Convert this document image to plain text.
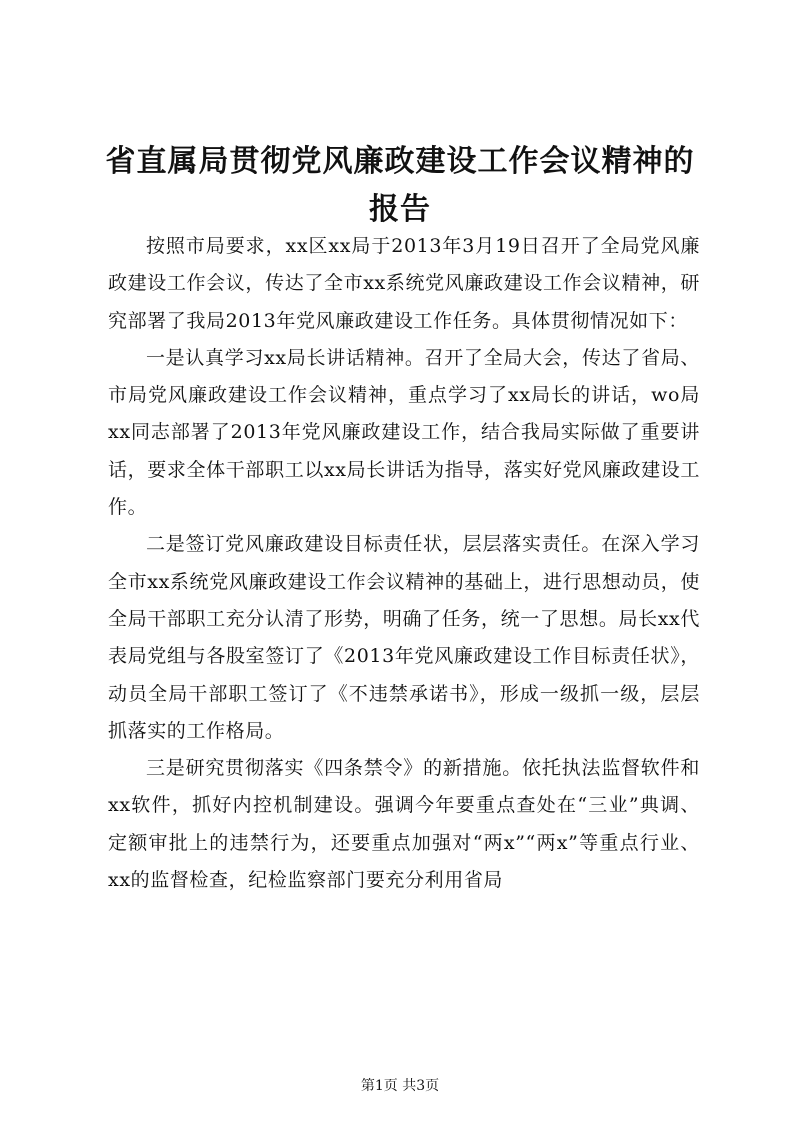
省直属局贯彻党风廉政建设工作会议精神的报告

按照市局要求，xx区xx局于2013年3月19日召开了全局党风廉政建设工作会议，传达了全市xx系统党风廉政建设工作会议精神，研究部署了我局2013年党风廉政建设工作任务。具体贯彻情况如下：

一是认真学习xx局长讲话精神。召开了全局大会，传达了省局、市局党风廉政建设工作会议精神，重点学习了xx局长的讲话，wo局xx同志部署了2013年党风廉政建设工作，结合我局实际做了重要讲话，要求全体干部职工以xx局长讲话为指导，落实好党风廉政建设工作。

二是签订党风廉政建设目标责任状，层层落实责任。在深入学习全市xx系统党风廉政建设工作会议精神的基础上，进行思想动员，使全局干部职工充分认清了形势，明确了任务，统一了思想。局长xx代表局党组与各股室签订了《2013年党风廉政建设工作目标责任状》，动员全局干部职工签订了《不违禁承诺书》，形成一级抓一级，层层抓落实的工作格局。

三是研究贯彻落实《四条禁令》的新措施。依托执法监督软件和xx软件，抓好内控机制建设。强调今年要重点查处在“三业”典调、定额审批上的违禁行为，还要重点加强对“两x”“两x”等重点行业、xx的监督检查，纪检监察部门要充分利用省局

第1页 共3页
